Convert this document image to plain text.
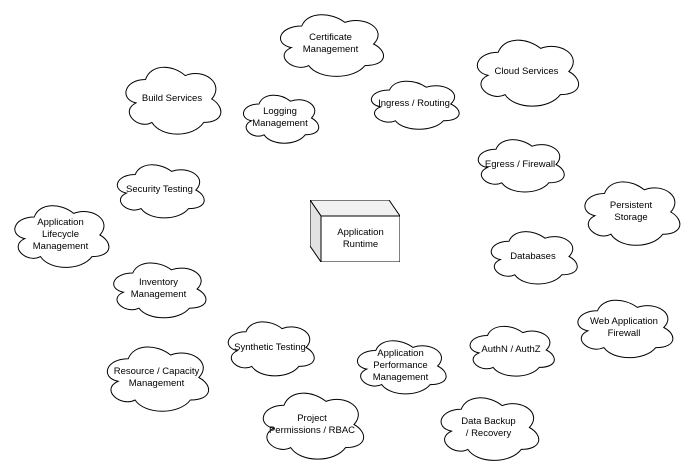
Application
Runtime
Certificate
Management
Cloud Services
Build Services
Logging
Management
Ingress / Routing
Egress / Firewall
Security Testing
Persistent
Storage
Application
Lifecycle
Management
Databases
Inventory
Management
Web Application
Firewall
AuthN / AuthZ
Synthetic Testing
Resource / Capacity
Management
Application
Performance
Management
Project
Permissions / RBAC
Data Backup
/ Recovery
